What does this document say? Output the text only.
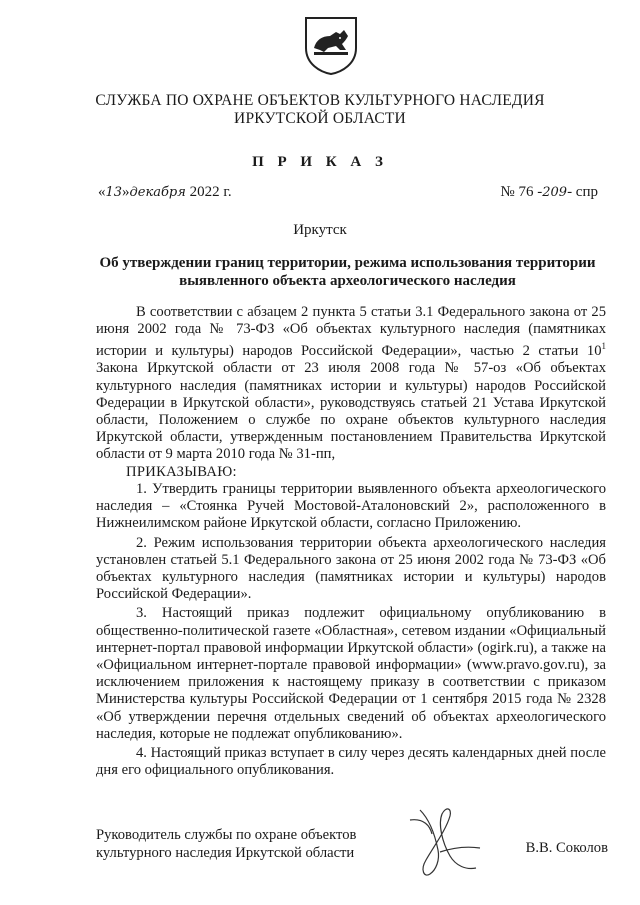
СЛУЖБА ПО ОХРАНЕ ОБЪЕКТОВ КУЛЬТУРНОГО НАСЛЕДИЯ
ИРКУТСКОЙ ОБЛАСТИ
П Р И К А З
«13»декабря 2022 г.	№ 76 -209- спр
Иркутск
Об утверждении границ территории, режима использования территории выявленного объекта археологического наследия

В соответствии с абзацем 2 пункта 5 статьи 3.1 Федерального закона от 25 июня 2002 года № 73-ФЗ «Об объектах культурного наследия (памятниках истории и культуры) народов Российской Федерации», частью 2 статьи $10^1$ Закона Иркутской области от 23 июля 2008 года № 57-оз «Об объектах культурного наследия (памятниках истории и культуры) народов Российской Федерации в Иркутской области», руководствуясь статьей 21 Устава Иркутской области, Положением о службе по охране объектов культурного наследия Иркутской области, утвержденным постановлением Правительства Иркутской области от 9 марта 2010 года № 31-пп,

ПРИКАЗЫВАЮ:

1. Утвердить границы территории выявленного объекта археологического наследия – «Стоянка Ручей Мостовой-Аталоновский 2», расположенного в Нижнеилимском районе Иркутской области, согласно Приложению.

2. Режим использования территории объекта археологического наследия установлен статьей 5.1 Федерального закона от 25 июня 2002 года № 73-ФЗ «Об объектах культурного наследия (памятниках истории и культуры) народов Российской Федерации».

3. Настоящий приказ подлежит официальному опубликованию в общественно-политической газете «Областная», сетевом издании «Официальный интернет-портал правовой информации Иркутской области» (ogirk.ru), а также на «Официальном интернет-портале правовой информации» (www.pravo.gov.ru), за исключением приложения к настоящему приказу в соответствии с приказом Министерства культуры Российской Федерации от 1 сентября 2015 года № 2328 «Об утверждении перечня отдельных сведений об объектах археологического наследия, которые не подлежат опубликованию».

4. Настоящий приказ вступает в силу через десять календарных дней после дня его официального опубликования.

Руководитель службы по охране объектов
культурного наследия Иркутской области	В.В. Соколов
